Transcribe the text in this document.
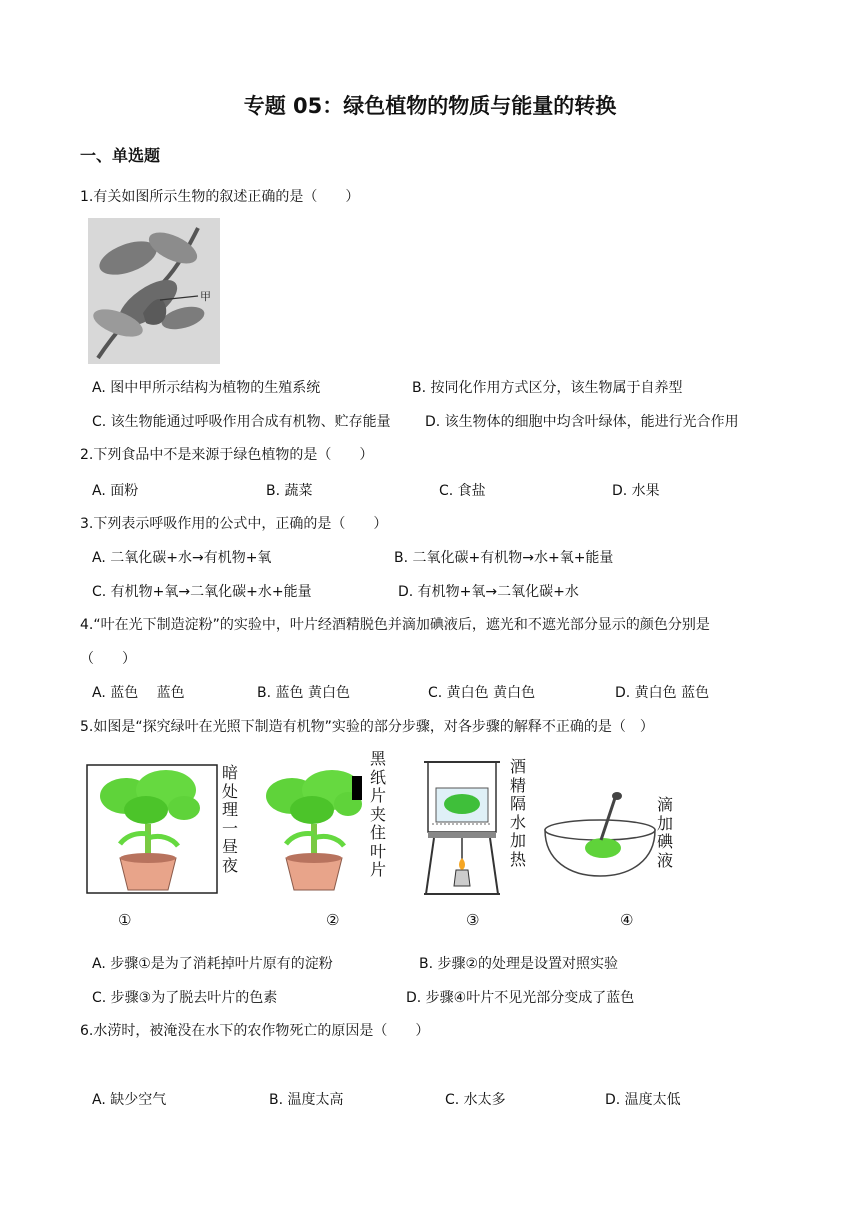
专题 05：绿色植物的物质与能量的转换
一、单选题
1.有关如图所示生物的叙述正确的是（　　）
甲
A. 图中甲所示结构为植物的生殖系统	B. 按同化作用方式区分，该生物属于自养型
C. 该生物能通过呼吸作用合成有机物、贮存能量 D. 该生物体的细胞中均含叶绿体，能进行光合作用
2.下列食品中不是来源于绿色植物的是（　　）
A. 面粉	B. 蔬菜	C. 食盐	D. 水果
3.下列表示呼吸作用的公式中，正确的是（　　）
A. 二氧化碳+水→有机物+氧	B. 二氧化碳+有机物→水+氧+能量
C. 有机物+氧→二氧化碳+水+能量	D. 有机物+氧→二氧化碳+水
4.“叶在光下制造淀粉”的实验中，叶片经酒精脱色并滴加碘液后，遮光和不遮光部分显示的颜色分别是
（　　）
A. 蓝色　 蓝色	B. 蓝色 黄白色	C. 黄白色 黄白色	D. 黄白色 蓝色
5.如图是“探究绿叶在光照下制造有机物”实验的部分步骤，对各步骤的解释不正确的是（　）
暗
处
理
一
昼
夜
①
黑
纸
片
夹
住
叶
片
②
酒
精
隔
水
加
热
③
滴
加
碘
液
④
A. 步骤①是为了消耗掉叶片原有的淀粉	B. 步骤②的处理是设置对照实验
C. 步骤③为了脱去叶片的色素	D. 步骤④叶片不见光部分变成了蓝色
6.水涝时，被淹没在水下的农作物死亡的原因是（　　）
A. 缺少空气	B. 温度太高	C. 水太多	D. 温度太低
